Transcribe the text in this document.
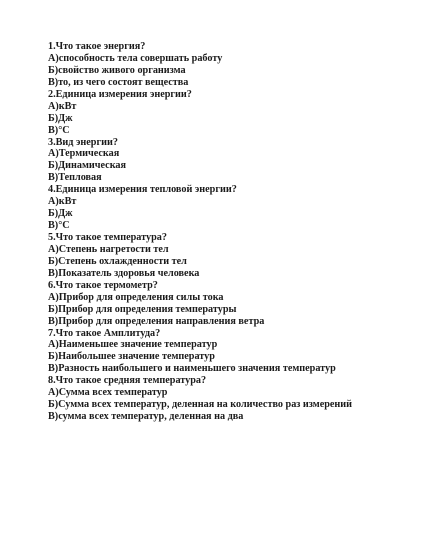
1.Что такое энергия?
А)способность тела совершать работу
Б)свойство живого организма
В)то, из чего состоят вещества
2.Единица измерения энергии?
А)кВт
Б)Дж
В)°С
3.Вид энергии?
А)Термическая
Б)Динамическая
В)Тепловая
4.Единица измерения тепловой энергии?
А)кВт
Б)Дж
В)°С
5.Что такое температура?
А)Степень нагретости тел
Б)Степень охлажденности тел
В)Показатель здоровья человека
6.Что такое термометр?
А)Прибор для определения силы тока
Б)Прибор для определения температуры
В)Прибор для определения направления ветра
7.Что такое Амплитуда?
А)Наименьшее значение температур
Б)Наибольшее значение температур
В)Разность наибольшего и наименьшего значения температур
8.Что такое средняя температура?
А)Сумма всех температур
Б)Сумма всех температур, деленная на количество раз измерений
В)сумма всех температур, деленная на два
